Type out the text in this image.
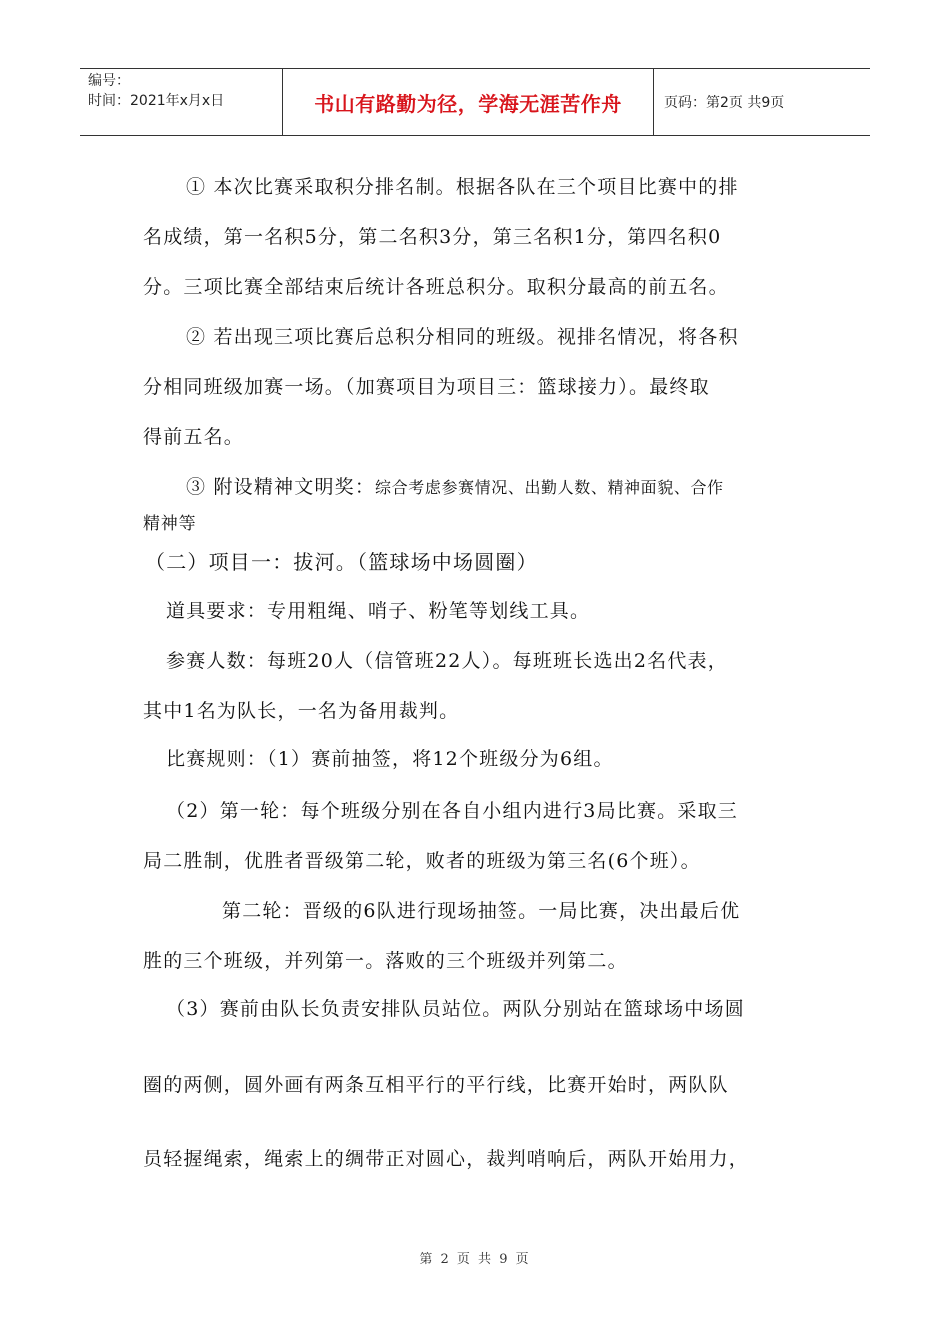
编号：
时间：2021年x月x日	书山有路勤为径，学海无涯苦作舟	页码：第2页 共9页
① 本次比赛采取积分排名制。根据各队在三个项目比赛中的排
名成绩，第一名积5分，第二名积3分，第三名积1分，第四名积0
分。三项比赛全部结束后统计各班总积分。取积分最高的前五名。
② 若出现三项比赛后总积分相同的班级。视排名情况，将各积
分相同班级加赛一场。（加赛项目为项目三：篮球接力）。最终取
得前五名。
③ 附设精神文明奖：综合考虑参赛情况、出勤人数、精神面貌、合作
精神等
（二）项目一：拔河。（篮球场中场圆圈）
道具要求：专用粗绳、哨子、粉笔等划线工具。
参赛人数：每班20人（信管班22人）。每班班长选出2名代表，
其中1名为队长，一名为备用裁判。
比赛规则：（1）赛前抽签，将12个班级分为6组。
（2）第一轮：每个班级分别在各自小组内进行3局比赛。采取三
局二胜制，优胜者晋级第二轮，败者的班级为第三名(6个班）。
第二轮：晋级的6队进行现场抽签。一局比赛，决出最后优
胜的三个班级，并列第一。落败的三个班级并列第二。
（3）赛前由队长负责安排队员站位。两队分别站在篮球场中场圆
圈的两侧，圆外画有两条互相平行的平行线，比赛开始时，两队队
员轻握绳索，绳索上的绸带正对圆心，裁判哨响后，两队开始用力，
第 2 页 共 9 页
